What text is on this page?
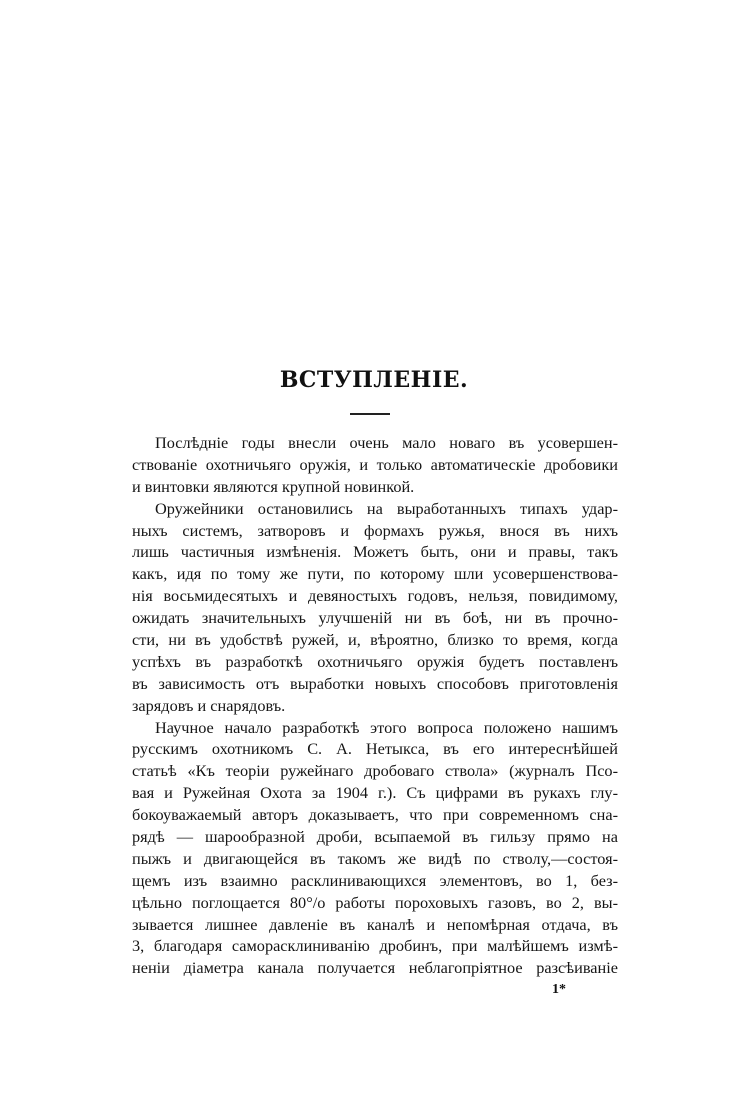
ВСТУПЛЕНІЕ.
Послѣдніе годы внесли очень мало новаго въ усовершен-
ствованіе охотничьяго оружія, и только автоматическіе дробовики
и винтовки являются крупной новинкой.
Оружейники остановились на выработанныхъ типахъ удар-
ныхъ системъ, затворовъ и формахъ ружья, внося въ нихъ
лишь частичныя измѣненія. Можетъ быть, они и правы, такъ
какъ, идя по тому же пути, по которому шли усовершенствова-
нія восьмидесятыхъ и девяностыхъ годовъ, нельзя, повидимому,
ожидать значительныхъ улучшеній ни въ боѣ, ни въ прочно-
сти, ни въ удобствѣ ружей, и, вѣроятно, близко то время, когда
успѣхъ въ разработкѣ охотничьяго оружія будетъ поставленъ
въ зависимость отъ выработки новыхъ способовъ приготовленія
зарядовъ и снарядовъ.
Научное начало разработкѣ этого вопроса положено нашимъ
русскимъ охотникомъ С. А. Нетыкса, въ его интереснѣйшей
статьѣ «Къ теоріи ружейнаго дробоваго ствола» (журналъ Псо-
вая и Ружейная Охота за 1904 г.). Съ цифрами въ рукахъ глу-
бокоуважаемый авторъ доказываетъ, что при современномъ сна-
рядѣ — шарообразной дроби, всыпаемой въ гильзу прямо на
пыжъ и двигающейся въ такомъ же видѣ по стволу,—состоя-
щемъ изъ взаимно расклинивающихся элементовъ, во 1, без-
цѣльно поглощается 80°/o работы пороховыхъ газовъ, во 2, вы-
зывается лишнее давленіе въ каналѣ и непомѣрная отдача, въ
3, благодаря саморасклиниванію дробинъ, при малѣйшемъ измѣ-
неніи діаметра канала получается неблагопріятное разсѣиваніе
1*
